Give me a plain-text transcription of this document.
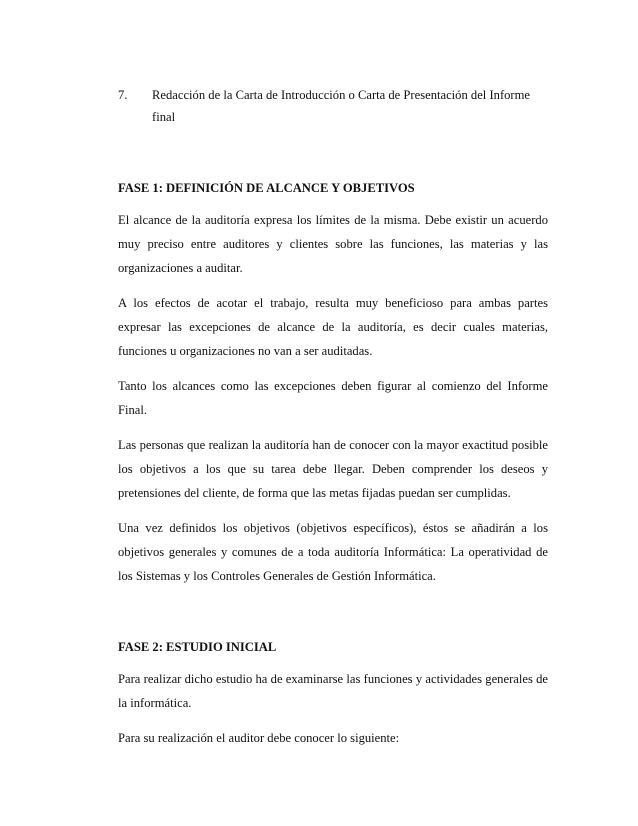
7.	Redacción de la Carta de Introducción o Carta de Presentación del Informe final

FASE 1: DEFINICIÓN DE ALCANCE Y OBJETIVOS

El alcance de la auditoría expresa los límites de la misma. Debe existir un acuerdo muy preciso entre auditores y clientes sobre las funciones, las materias y las organizaciones a auditar.

A los efectos de acotar el trabajo, resulta muy beneficioso para ambas partes expresar las excepciones de alcance de la auditoría, es decir cuales materias, funciones u organizaciones no van a ser auditadas.

Tanto los alcances como las excepciones deben figurar al comienzo del Informe Final.

Las personas que realizan la auditoría han de conocer con la mayor exactitud posible los objetivos a los que su tarea debe llegar. Deben comprender los deseos y pretensiones del cliente, de forma que las metas fijadas puedan ser cumplidas.

Una vez definidos los objetivos (objetivos específicos), éstos se añadirán a los objetivos generales y comunes de a toda auditoría Informática: La operatividad de los Sistemas y los Controles Generales de Gestión Informática.

FASE 2: ESTUDIO INICIAL

Para realizar dicho estudio ha de examinarse las funciones y actividades generales de la informática.

Para su realización el auditor debe conocer lo siguiente:
